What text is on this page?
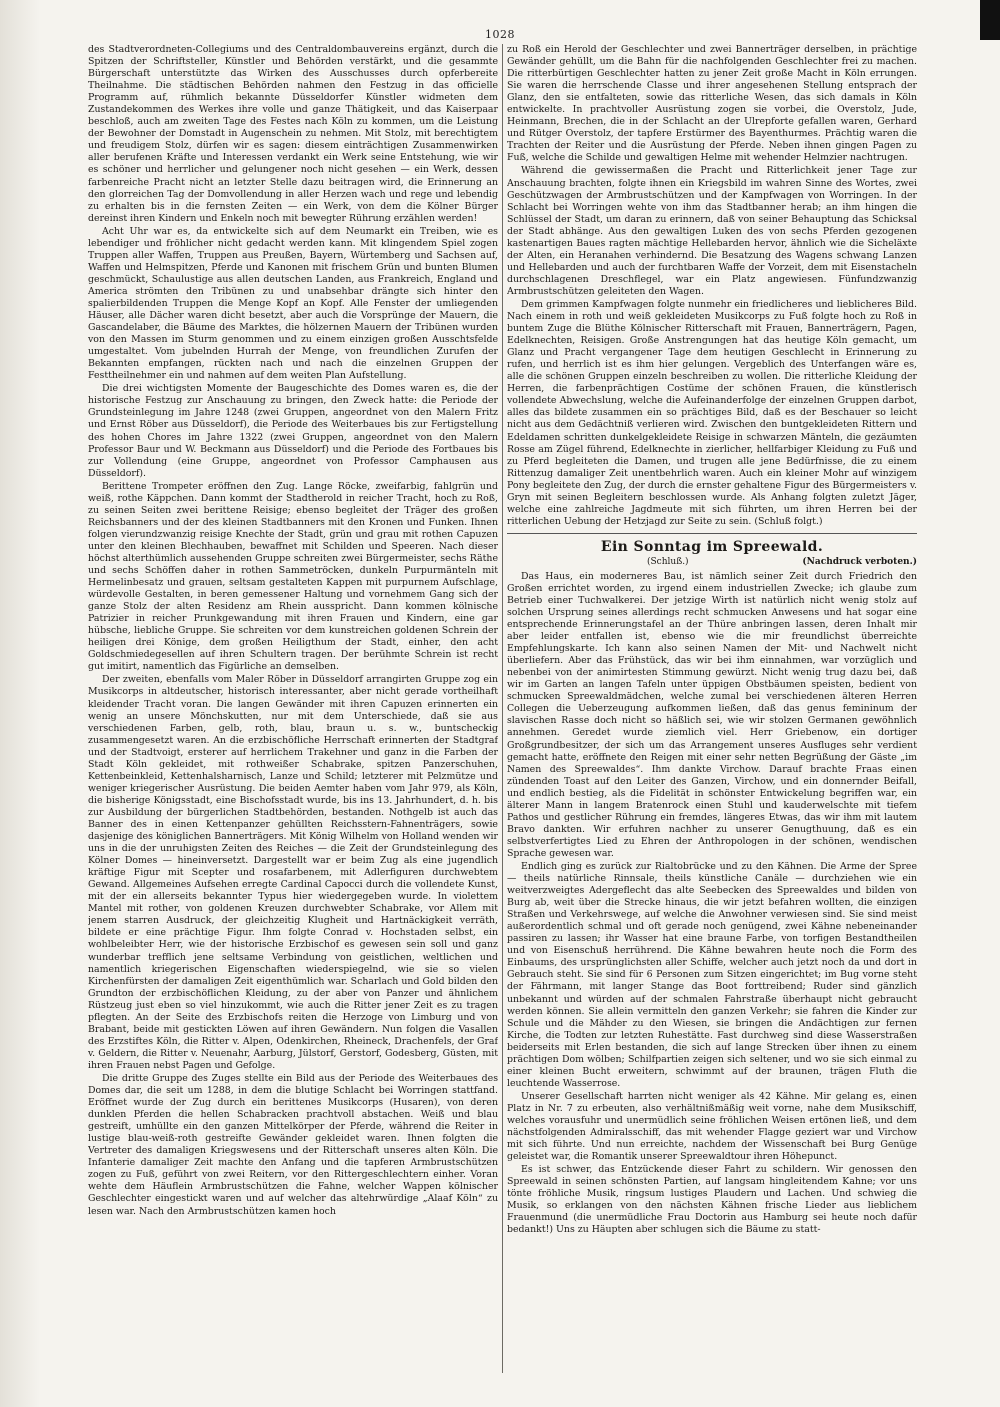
1028

des Stadtverordneten-Collegiums und des Centraldombauvereins ergänzt, durch die Spitzen der Schriftsteller, Künstler und Behörden verstärkt, und die gesammte Bürgerschaft unterstützte das Wirken des Ausschusses durch opferbereite Theilnahme. Die städtischen Behörden nahmen den Festzug in das officielle Programm auf, rühmlich bekannte Düsseldorfer Künstler widmeten dem Zustandekommen des Werkes ihre volle und ganze Thätigkeit, und das Kaiserpaar beschloß, auch am zweiten Tage des Festes nach Köln zu kommen, um die Leistung der Bewohner der Domstadt in Augenschein zu nehmen. Mit Stolz, mit berechtigtem und freudigem Stolz, dürfen wir es sagen: diesem einträchtigen Zusammenwirken aller berufenen Kräfte und Interessen verdankt ein Werk seine Entstehung, wie wir es schöner und herrlicher und gelungener noch nicht gesehen — ein Werk, dessen farbenreiche Pracht nicht an letzter Stelle dazu beitragen wird, die Erinnerung an den glorreichen Tag der Domvollendung in aller Herzen wach und rege und lebendig zu erhalten bis in die fernsten Zeiten — ein Werk, von dem die Kölner Bürger dereinst ihren Kindern und Enkeln noch mit bewegter Rührung erzählen werden!

Acht Uhr war es, da entwickelte sich auf dem Neumarkt ein Treiben, wie es lebendiger und fröhlicher nicht gedacht werden kann. Mit klingendem Spiel zogen Truppen aller Waffen, Truppen aus Preußen, Bayern, Würtemberg und Sachsen auf, Waffen und Helmspitzen, Pferde und Kanonen mit frischem Grün und bunten Blumen geschmückt, Schaulustige aus allen deutschen Landen, aus Frankreich, England und America strömten den Tribünen zu und unabsehbar drängte sich hinter den spalierbildenden Truppen die Menge Kopf an Kopf. Alle Fenster der umliegenden Häuser, alle Dächer waren dicht besetzt, aber auch die Vorsprünge der Mauern, die Gascandelaber, die Bäume des Marktes, die hölzernen Mauern der Tribünen wurden von den Massen im Sturm genommen und zu einem einzigen großen Ausschtsfelde umgestaltet. Vom jubelnden Hurrah der Menge, von freundlichen Zurufen der Bekannten empfangen, rückten nach und nach die einzelnen Gruppen der Festtheilnehmer ein und nahmen auf dem weiten Plan Aufstellung.

Die drei wichtigsten Momente der Baugeschichte des Domes waren es, die der historische Festzug zur Anschauung zu bringen, den Zweck hatte: die Periode der Grundsteinlegung im Jahre 1248 (zwei Gruppen, angeordnet von den Malern Fritz und Ernst Röber aus Düsseldorf), die Periode des Weiterbaues bis zur Fertigstellung des hohen Chores im Jahre 1322 (zwei Gruppen, angeordnet von den Malern Professor Baur und W. Beckmann aus Düsseldorf) und die Periode des Fortbaues bis zur Vollendung (eine Gruppe, angeordnet von Professor Camphausen aus Düsseldorf).

Berittene Trompeter eröffnen den Zug. Lange Röcke, zweifarbig, fahlgrün und weiß, rothe Käppchen. Dann kommt der Stadtherold in reicher Tracht, hoch zu Roß, zu seinen Seiten zwei berittene Reisige; ebenso begleitet der Träger des großen Reichsbanners und der des kleinen Stadtbanners mit den Kronen und Funken. Ihnen folgen vierundzwanzig reisige Knechte der Stadt, grün und grau mit rothen Capuzen unter den kleinen Blechhauben, bewaffnet mit Schilden und Speeren. Nach dieser höchst alterthümlich aussehenden Gruppe schreiten zwei Bürgermeister, sechs Räthe und sechs Schöffen daher in rothen Sammetröcken, dunkeln Purpurmänteln mit Hermelinbesatz und grauen, seltsam gestalteten Kappen mit purpurnem Aufschlage, würdevolle Gestalten, in beren gemessener Haltung und vornehmem Gang sich der ganze Stolz der alten Residenz am Rhein ausspricht. Dann kommen kölnische Patrizier in reicher Prunkgewandung mit ihren Frauen und Kindern, eine gar hübsche, liebliche Gruppe. Sie schreiten vor dem kunstreichen goldenen Schrein der heiligen drei Könige, dem großen Heiligthum der Stadt, einher, den acht Goldschmiedegesellen auf ihren Schultern tragen. Der berühmte Schrein ist recht gut imitirt, namentlich das Figürliche an demselben.

Der zweiten, ebenfalls vom Maler Röber in Düsseldorf arrangirten Gruppe zog ein Musikcorps in altdeutscher, historisch interessanter, aber nicht gerade vortheilhaft kleidender Tracht voran. Die langen Gewänder mit ihren Capuzen erinnerten ein wenig an unsere Mönchskutten, nur mit dem Unterschiede, daß sie aus verschiedenen Farben, gelb, roth, blau, braun u. s. w., buntscheckig zusammengesetzt waren. An die erzbischöfliche Herrschaft erinnerten der Stadtgraf und der Stadtvoigt, ersterer auf herrlichem Trakehner und ganz in die Farben der Stadt Köln gekleidet, mit rothweißer Schabrake, spitzen Panzerschuhen, Kettenbeinkleid, Kettenhalsharnisch, Lanze und Schild; letzterer mit Pelzmütze und weniger kriegerischer Ausrüstung. Die beiden Aemter haben vom Jahr 979, als Köln, die bisherige Königsstadt, eine Bischofsstadt wurde, bis ins 13. Jahrhundert, d. h. bis zur Ausbildung der bürgerlichen Stadtbehörden, bestanden. Nothgelb ist auch das Banner des in einen Kettenpanzer gehüllten Reichsstern-Fahnenträgers, sowie dasjenige des königlichen Bannerträgers. Mit König Wilhelm von Holland wenden wir uns in die der unruhigsten Zeiten des Reiches — die Zeit der Grundsteinlegung des Kölner Domes — hineinversetzt. Dargestellt war er beim Zug als eine jugendlich kräftige Figur mit Scepter und rosafarbenem, mit Adlerfiguren durchwebtem Gewand. Allgemeines Aufsehen erregte Cardinal Capocci durch die vollendete Kunst, mit der ein allerseits bekannter Typus hier wiedergegeben wurde. In violettem Mantel mit rother, von goldenen Kreuzen durchwebter Schabrake, vor Allem mit jenem starren Ausdruck, der gleichzeitig Klugheit und Hartnäckigkeit verräth, bildete er eine prächtige Figur. Ihm folgte Conrad v. Hochstaden selbst, ein wohlbeleibter Herr, wie der historische Erzbischof es gewesen sein soll und ganz wunderbar trefflich jene seltsame Verbindung von geistlichen, weltlichen und namentlich kriegerischen Eigenschaften wiederspiegelnd, wie sie so vielen Kirchenfürsten der damaligen Zeit eigenthümlich war. Scharlach und Gold bilden den Grundton der erzbischöflichen Kleidung, zu der aber von Panzer und ähnlichem Rüstzeug just eben so viel hinzukommt, wie auch die Ritter jener Zeit es zu tragen pflegten. An der Seite des Erzbischofs reiten die Herzoge von Limburg und von Brabant, beide mit gestickten Löwen auf ihren Gewändern. Nun folgen die Vasallen des Erzstiftes Köln, die Ritter v. Alpen, Odenkirchen, Rheineck, Drachenfels, der Graf v. Geldern, die Ritter v. Neuenahr, Aarburg, Jülstorf, Gerstorf, Godesberg, Güsten, mit ihren Frauen nebst Pagen und Gefolge.

Die dritte Gruppe des Zuges stellte ein Bild aus der Periode des Weiterbaues des Domes dar, die seit um 1288, in dem die blutige Schlacht bei Worringen stattfand. Eröffnet wurde der Zug durch ein berittenes Musikcorps (Husaren), von deren dunklen Pferden die hellen Schabracken prachtvoll abstachen. Weiß und blau gestreift, umhüllte ein den ganzen Mittelkörper der Pferde, während die Reiter in lustige blau-weiß-roth gestreifte Gewänder gekleidet waren. Ihnen folgten die Vertreter des damaligen Kriegswesens und der Ritterschaft unseres alten Köln. Die Infanterie damaliger Zeit machte den Anfang und die tapferen Armbrustschützen zogen zu Fuß, geführt von zwei Reitern, vor den Rittergeschlechtern einher. Voran wehte dem Häuflein Armbrustschützen die Fahne, welcher Wappen kölnischer Geschlechter eingestickt waren und auf welcher das altehrwürdige „Alaaf Köln“ zu lesen war. Nach den Armbrustschützen kamen hoch

zu Roß ein Herold der Geschlechter und zwei Bannerträger derselben, in prächtige Gewänder gehüllt, um die Bahn für die nachfolgenden Geschlechter frei zu machen. Die ritterbürtigen Geschlechter hatten zu jener Zeit große Macht in Köln errungen. Sie waren die herrschende Classe und ihrer angesehenen Stellung entsprach der Glanz, den sie entfalteten, sowie das ritterliche Wesen, das sich damals in Köln entwickelte. In prachtvoller Ausrüstung zogen sie vorbei, die Overstolz, Jude, Heinmann, Brechen, die in der Schlacht an der Ulrepforte gefallen waren, Gerhard und Rütger Overstolz, der tapfere Erstürmer des Bayenthurmes. Prächtig waren die Trachten der Reiter und die Ausrüstung der Pferde. Neben ihnen gingen Pagen zu Fuß, welche die Schilde und gewaltigen Helme mit wehender Helmzier nachtrugen.

Während die gewissermaßen die Pracht und Ritterlichkeit jener Tage zur Anschauung brachten, folgte ihnen ein Kriegsbild im wahren Sinne des Wortes, zwei Geschützwagen der Armbrustschützen und der Kampfwagen von Worringen. In der Schlacht bei Worringen wehte von ihm das Stadtbanner herab; an ihm hingen die Schlüssel der Stadt, um daran zu erinnern, daß von seiner Behauptung das Schicksal der Stadt abhänge. Aus den gewaltigen Luken des von sechs Pferden gezogenen kastenartigen Baues ragten mächtige Hellebarden hervor, ähnlich wie die Sicheläxte der Alten, ein Heranahen verhindernd. Die Besatzung des Wagens schwang Lanzen und Hellebarden und auch der furchtbaren Waffe der Vorzeit, dem mit Eisenstacheln durchschlagenen Dreschflegel, war ein Platz angewiesen. Fünfundzwanzig Armbrustschützen geleiteten den Wagen.

Dem grimmen Kampfwagen folgte nunmehr ein friedlicheres und lieblicheres Bild. Nach einem in roth und weiß gekleideten Musikcorps zu Fuß folgte hoch zu Roß in buntem Zuge die Blüthe Kölnischer Ritterschaft mit Frauen, Bannerträgern, Pagen, Edelknechten, Reisigen. Große Anstrengungen hat das heutige Köln gemacht, um Glanz und Pracht vergangener Tage dem heutigen Geschlecht in Erinnerung zu rufen, und herrlich ist es ihm hier gelungen. Vergeblich des Unterfangen wäre es, alle die schönen Gruppen einzeln beschreiben zu wollen. Die ritterliche Kleidung der Herren, die farbenprächtigen Costüme der schönen Frauen, die künstlerisch vollendete Abwechslung, welche die Aufeinanderfolge der einzelnen Gruppen darbot, alles das bildete zusammen ein so prächtiges Bild, daß es der Beschauer so leicht nicht aus dem Gedächtniß verlieren wird. Zwischen den buntgekleideten Rittern und Edeldamen schritten dunkelgekleidete Reisige in schwarzen Mänteln, die gezäumten Rosse am Zügel führend, Edelknechte in zierlicher, hellfarbiger Kleidung zu Fuß und zu Pferd begleiteten die Damen, und trugen alle jene Bedürfnisse, die zu einem Rittenzug damaliger Zeit unentbehrlich waren. Auch ein kleiner Mohr auf winzigem Pony begleitete den Zug, der durch die ernster gehaltene Figur des Bürgermeisters v. Gryn mit seinen Begleitern beschlossen wurde. Als Anhang folgten zuletzt Jäger, welche eine zahlreiche Jagdmeute mit sich führten, um ihren Herren bei der ritterlichen Uebung der Hetzjagd zur Seite zu sein. (Schluß folgt.)

Ein Sonntag im Spreewald.
(Schluß.)	(Nachdruck verboten.)

Das Haus, ein moderneres Bau, ist nämlich seiner Zeit durch Friedrich den Großen errichtet worden, zu irgend einem industriellen Zwecke; ich glaube zum Betrieb einer Tuchwalkerei. Der jetzige Wirth ist natürlich nicht wenig stolz auf solchen Ursprung seines allerdings recht schmucken Anwesens und hat sogar eine entsprechende Erinnerungstafel an der Thüre anbringen lassen, deren Inhalt mir aber leider entfallen ist, ebenso wie die mir freundlichst überreichte Empfehlungskarte. Ich kann also seinen Namen der Mit- und Nachwelt nicht überliefern. Aber das Frühstück, das wir bei ihm einnahmen, war vorzüglich und nebenbei von der animirtesten Stimmung gewürzt. Nicht wenig trug dazu bei, daß wir im Garten an langen Tafeln unter üppigen Obstbäumen speisten, bedient von schmucken Spreewaldmädchen, welche zumal bei verschiedenen älteren Herren Collegen die Ueberzeugung aufkommen ließen, daß das genus femininum der slavischen Rasse doch nicht so häßlich sei, wie wir stolzen Germanen gewöhnlich annehmen. Geredet wurde ziemlich viel. Herr Griebenow, ein dortiger Großgrundbesitzer, der sich um das Arrangement unseres Ausfluges sehr verdient gemacht hatte, eröffnete den Reigen mit einer sehr netten Begrüßung der Gäste „im Namen des Spreewaldes“. Ihm dankte Virchow. Darauf brachte Fraas einen zündenden Toast auf den Leiter des Ganzen, Virchow, und ein donnernder Beifall, und endlich bestieg, als die Fidelität in schönster Entwickelung begriffen war, ein älterer Mann in langem Bratenrock einen Stuhl und kauderwelschte mit tiefem Pathos und gestlicher Rührung ein fremdes, längeres Etwas, das wir ihm mit lautem Bravo dankten. Wir erfuhren nachher zu unserer Genugthuung, daß es ein selbstverfertigtes Lied zu Ehren der Anthropologen in der schönen, wendischen Sprache gewesen war.

Endlich ging es zurück zur Rialtobrücke und zu den Kähnen. Die Arme der Spree — theils natürliche Rinnsale, theils künstliche Canäle — durchziehen wie ein weitverzweigtes Adergeflecht das alte Seebecken des Spreewaldes und bilden von Burg ab, weit über die Strecke hinaus, die wir jetzt befahren wollten, die einzigen Straßen und Verkehrswege, auf welche die Anwohner verwiesen sind. Sie sind meist außerordentlich schmal und oft gerade noch genügend, zwei Kähne nebeneinander passiren zu lassen; ihr Wasser hat eine braune Farbe, von torfigen Bestandtheilen und von Eisenschuß herrührend. Die Kähne bewahren heute noch die Form des Einbaums, des ursprünglichsten aller Schiffe, welcher auch jetzt noch da und dort in Gebrauch steht. Sie sind für 6 Personen zum Sitzen eingerichtet; im Bug vorne steht der Fährmann, mit langer Stange das Boot forttreibend; Ruder sind gänzlich unbekannt und würden auf der schmalen Fahrstraße überhaupt nicht gebraucht werden können. Sie allein vermitteln den ganzen Verkehr; sie fahren die Kinder zur Schule und die Mähder zu den Wiesen, sie bringen die Andächtigen zur fernen Kirche, die Todten zur letzten Ruhestätte. Fast durchweg sind diese Wasserstraßen beiderseits mit Erlen bestanden, die sich auf lange Strecken über ihnen zu einem prächtigen Dom wölben; Schilfpartien zeigen sich seltener, und wo sie sich einmal zu einer kleinen Bucht erweitern, schwimmt auf der braunen, trägen Fluth die leuchtende Wasserrose.

Unserer Gesellschaft harrten nicht weniger als 42 Kähne. Mir gelang es, einen Platz in Nr. 7 zu erbeuten, also verhältnißmäßig weit vorne, nahe dem Musikschiff, welches vorausfuhr und unermüdlich seine fröhlichen Weisen ertönen ließ, und dem nächstfolgenden Admiralsschiff, das mit wehender Flagge geziert war und Virchow mit sich führte. Und nun erreichte, nachdem der Wissenschaft bei Burg Genüge geleistet war, die Romantik unserer Spreewaldtour ihren Höhepunct.

Es ist schwer, das Entzückende dieser Fahrt zu schildern. Wir genossen den Spreewald in seinen schönsten Partien, auf langsam hingleitendem Kahne; vor uns tönte fröhliche Musik, ringsum lustiges Plaudern und Lachen. Und schwieg die Musik, so erklangen von den nächsten Kähnen frische Lieder aus lieblichem Frauenmund (die unermüdliche Frau Doctorin aus Hamburg sei heute noch dafür bedankt!) Uns zu Häupten aber schlugen sich die Bäume zu statt-
